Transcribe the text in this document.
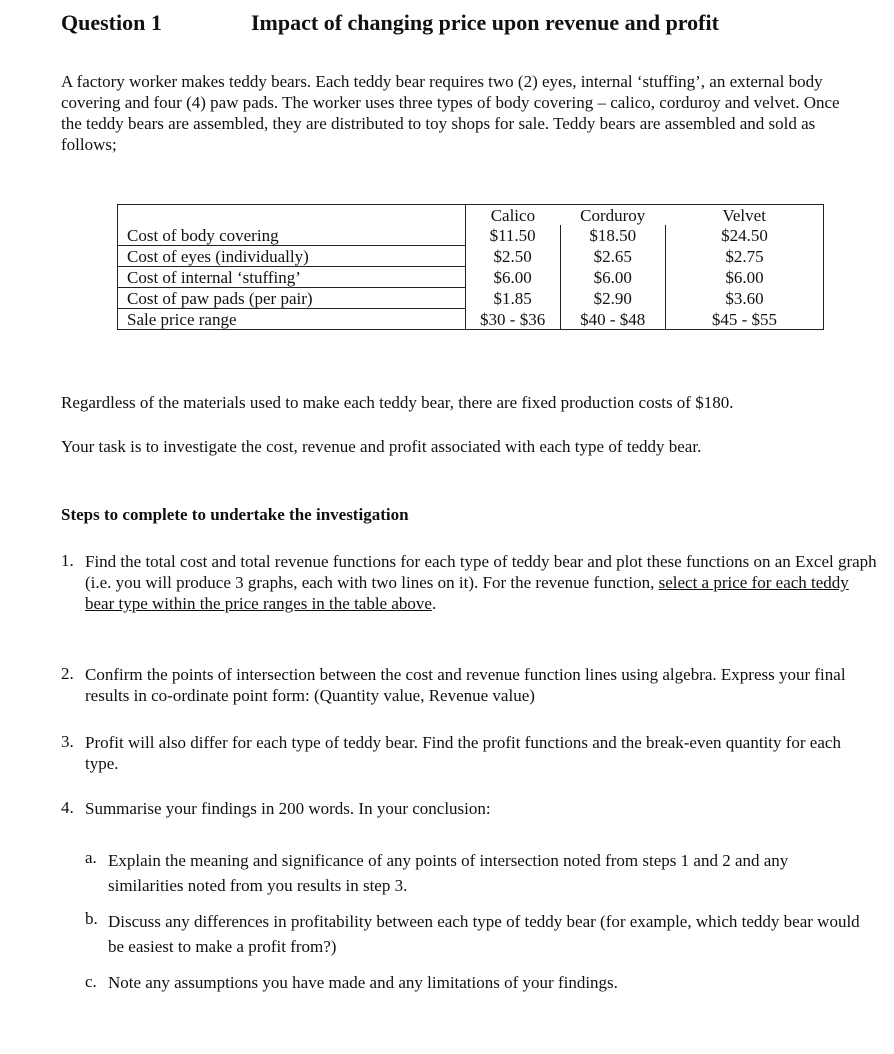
Question 1	Impact of changing price upon revenue and profit
A factory worker makes teddy bears. Each teddy bear requires two (2) eyes, internal ‘stuffing’, an external body covering and four (4) paw pads. The worker uses three types of body covering – calico, corduroy and velvet. Once the teddy bears are assembled, they are distributed to toy shops for sale. Teddy bears are assembled and sold as follows;
	Calico	Corduroy	Velvet
Cost of body covering	$11.50	$18.50	$24.50
Cost of eyes (individually)	$2.50	$2.65	$2.75
Cost of internal ‘stuffing’	$6.00	$6.00	$6.00
Cost of paw pads (per pair)	$1.85	$2.90	$3.60
Sale price range	$30 - $36	$40 - $48	$45 - $55
Regardless of the materials used to make each teddy bear, there are fixed production costs of $180.
Your task is to investigate the cost, revenue and profit associated with each type of teddy bear.
Steps to complete to undertake the investigation
1. Find the total cost and total revenue functions for each type of teddy bear and plot these functions on an Excel graph (i.e. you will produce 3 graphs, each with two lines on it). For the revenue function, select a price for each teddy bear type within the price ranges in the table above.
2. Confirm the points of intersection between the cost and revenue function lines using algebra. Express your final results in co-ordinate point form: (Quantity value, Revenue value)
3. Profit will also differ for each type of teddy bear. Find the profit functions and the break-even quantity for each type.
4. Summarise your findings in 200 words. In your conclusion:
a. Explain the meaning and significance of any points of intersection noted from steps 1 and 2 and any similarities noted from you results in step 3.
b. Discuss any differences in profitability between each type of teddy bear (for example, which teddy bear would be easiest to make a profit from?)
c. Note any assumptions you have made and any limitations of your findings.
